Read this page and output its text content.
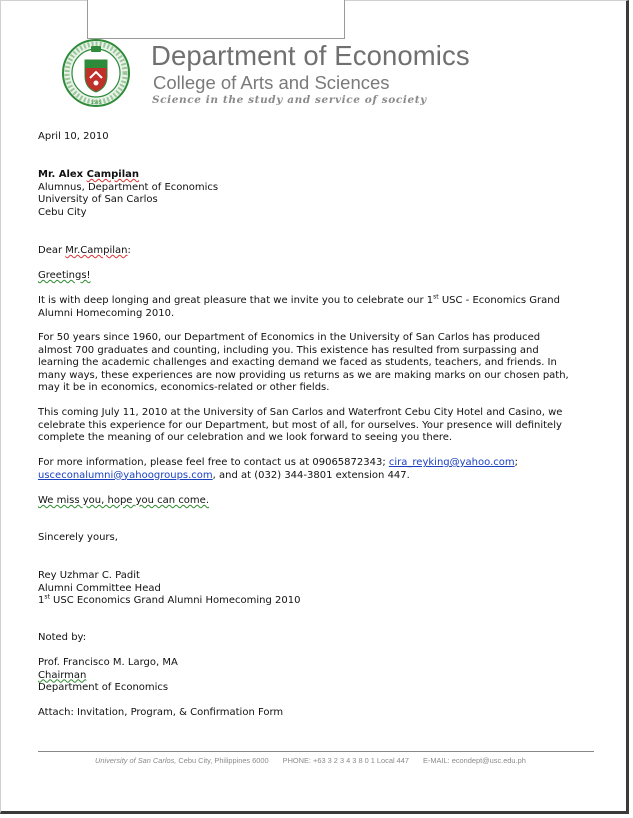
1595
Department of Economics
College of Arts and Sciences
Science in the study and service of society
April 10, 2010
Mr. Alex Campilan
Alumnus, Department of Economics
University of San Carlos
Cebu City
Dear Mr.Campilan:
Greetings!
It is with deep longing and great pleasure that we invite you to celebrate our 1st USC - Economics Grand
Alumni Homecoming 2010.
For 50 years since 1960, our Department of Economics in the University of San Carlos has produced
almost 700 graduates and counting, including you. This existence has resulted from surpassing and
learning the academic challenges and exacting demand we faced as students, teachers, and friends. In
many ways, these experiences are now providing us returns as we are making marks on our chosen path,
may it be in economics, economics-related or other fields.
This coming July 11, 2010 at the University of San Carlos and Waterfront Cebu City Hotel and Casino, we
celebrate this experience for our Department, but most of all, for ourselves. Your presence will definitely
complete the meaning of our celebration and we look forward to seeing you there.
For more information, please feel free to contact us at 09065872343; cira_reyking@yahoo.com;
usceconalumni@yahoogroups.com, and at (032) 344-3801 extension 447.
We miss you, hope you can come.
Sincerely yours,
Rey Uzhmar C. Padit
Alumni Committee Head
1st USC Economics Grand Alumni Homecoming 2010
Noted by:
Prof. Francisco M. Largo, MA
Chairman
Department of Economics
Attach: Invitation, Program, & Confirmation Form
University of San Carlos, Cebu City, Philippines 6000 PHONE: +63 3 2 3 4 3 8 0 1 Local 447 E-MAIL: econdept@usc.edu.ph
